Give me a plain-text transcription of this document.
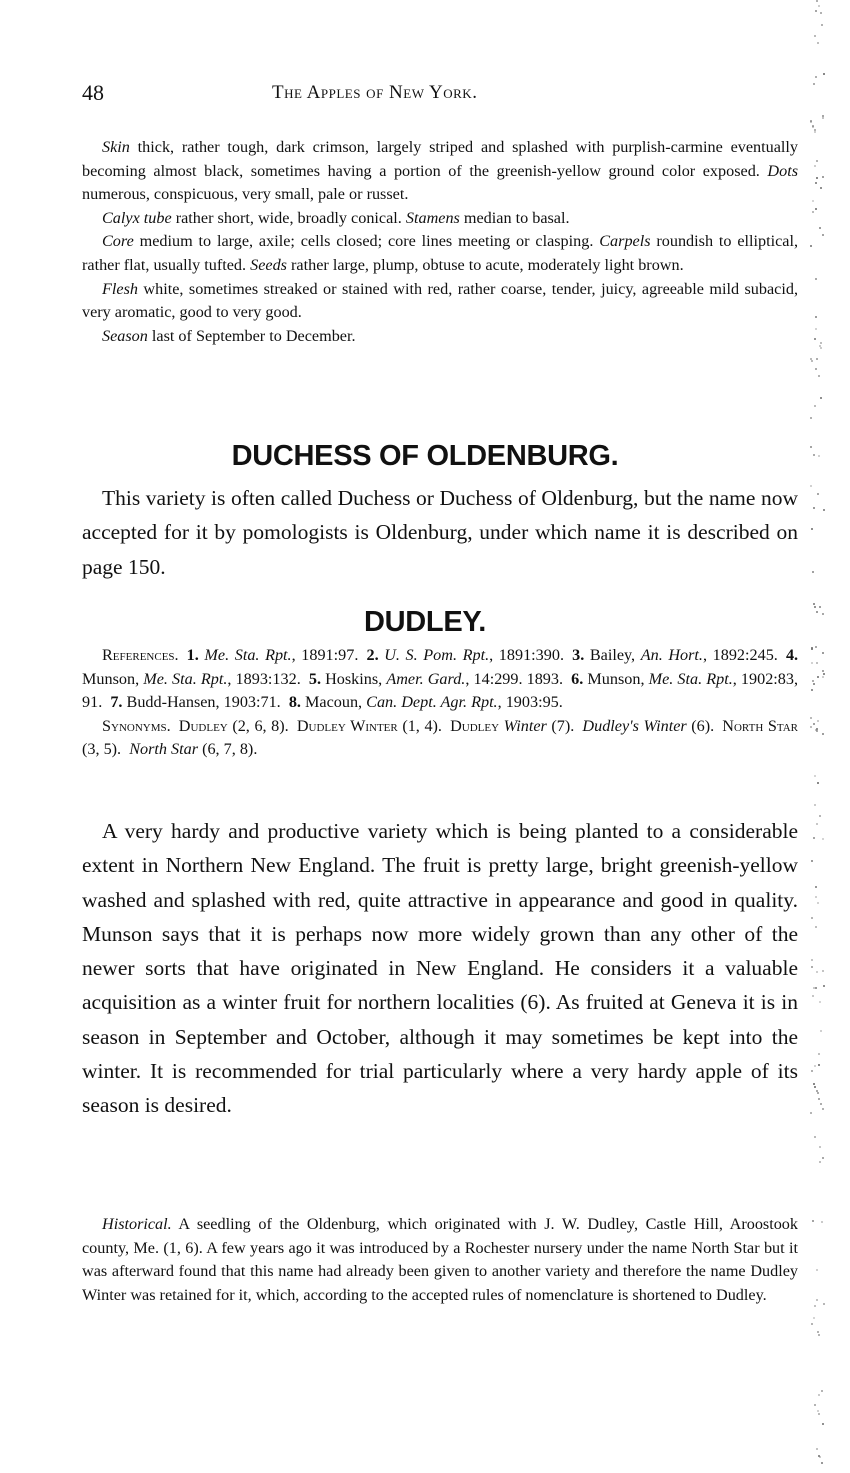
48	The Apples of New York.

Skin thick, rather tough, dark crimson, largely striped and splashed with purplish-carmine eventually becoming almost black, sometimes having a portion of the greenish-yellow ground color exposed. Dots numerous, conspicuous, very small, pale or russet.

Calyx tube rather short, wide, broadly conical. Stamens median to basal.

Core medium to large, axile; cells closed; core lines meeting or clasping. Carpels roundish to elliptical, rather flat, usually tufted. Seeds rather large, plump, obtuse to acute, moderately light brown.

Flesh white, sometimes streaked or stained with red, rather coarse, tender, juicy, agreeable mild subacid, very aromatic, good to very good.

Season last of September to December.

DUCHESS OF OLDENBURG.

This variety is often called Duchess or Duchess of Oldenburg, but the name now accepted for it by pomologists is Oldenburg, under which name it is described on page 150.

DUDLEY.

References.  1. Me. Sta. Rpt., 1891:97.  2. U. S. Pom. Rpt., 1891:390.  3. Bailey, An. Hort., 1892:245.  4. Munson, Me. Sta. Rpt., 1893:132.  5. Hoskins, Amer. Gard., 14:299. 1893.  6. Munson, Me. Sta. Rpt., 1902:83, 91.  7. Budd-Hansen, 1903:71.  8. Macoun, Can. Dept. Agr. Rpt., 1903:95.

Synonyms.  Dudley (2, 6, 8).  Dudley Winter (1, 4).  Dudley Winter (7).  Dudley's Winter (6).  North Star (3, 5).  North Star (6, 7, 8).

A very hardy and productive variety which is being planted to a considerable extent in Northern New England. The fruit is pretty large, bright greenish-yellow washed and splashed with red, quite attractive in appearance and good in quality. Munson says that it is perhaps now more widely grown than any other of the newer sorts that have originated in New England. He considers it a valuable acquisition as a winter fruit for northern localities (6). As fruited at Geneva it is in season in September and October, although it may sometimes be kept into the winter. It is recommended for trial particularly where a very hardy apple of its season is desired.

Historical. A seedling of the Oldenburg, which originated with J. W. Dudley, Castle Hill, Aroostook county, Me. (1, 6). A few years ago it was introduced by a Rochester nursery under the name North Star but it was afterward found that this name had already been given to another variety and therefore the name Dudley Winter was retained for it, which, according to the accepted rules of nomenclature is shortened to Dudley.
